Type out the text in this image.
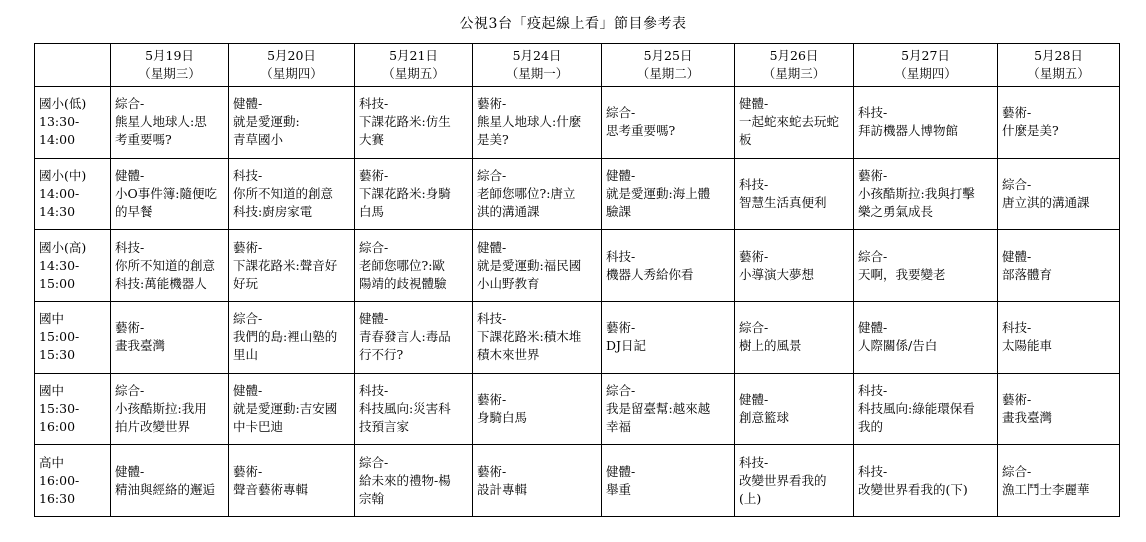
公視3台「疫起線上看」節目參考表

	5月19日
（星期三）	5月20日
（星期四）	5月21日
（星期五）	5月24日
（星期一）	5月25日
（星期二）	5月26日
（星期三）	5月27日
（星期四）	5月28日
（星期五）

國小(低)
13:30-
14:00	綜合-
熊星人地球人:思
考重要嗎?	健體-
就是愛運動:
青草國小	科技-
下課花路米:仿生
大賽	藝術-
熊星人地球人:什麼
是美?	綜合-
思考重要嗎?	健體-
一起蛇來蛇去玩蛇
板	科技-
拜訪機器人博物館	藝術-
什麼是美?

國小(中)
14:00-
14:30	健體-
小O事件簿:隨便吃
的早餐	科技-
你所不知道的創意
科技:廚房家電	藝術-
下課花路米:身騎
白馬	綜合-
老師您哪位?:唐立
淇的溝通課	健體-
就是愛運動:海上體
驗課	科技-
智慧生活真便利	藝術-
小孩酷斯拉:我與打擊
樂之勇氣成長	綜合-
唐立淇的溝通課

國小(高)
14:30-
15:00	科技-
你所不知道的創意
科技:萬能機器人	藝術-
下課花路米:聲音好
好玩	綜合-
老師您哪位?:歐
陽靖的歧視體驗	健體-
就是愛運動:福民國
小山野教育	科技-
機器人秀給你看	藝術-
小導演大夢想	綜合-
天啊，我要變老	健體-
部落體育

國中
15:00-
15:30	藝術-
畫我臺灣	綜合-
我們的島:裡山塾的
里山	健體-
青春發言人:毒品
行不行?	科技-
下課花路米:積木堆
積木來世界	藝術-
DJ日記	綜合-
樹上的風景	健體-
人際關係/告白	科技-
太陽能車

國中
15:30-
16:00	綜合-
小孩酷斯拉:我用
拍片改變世界	健體-
就是愛運動:吉安國
中卡巴迪	科技-
科技風向:災害科
技預言家	藝術-
身騎白馬	綜合-
我是留臺幫:越來越
幸福	健體-
創意籃球	科技-
科技風向:綠能環保看
我的	藝術-
畫我臺灣

高中
16:00-
16:30	健體-
精油與經絡的邂逅	藝術-
聲音藝術專輯	綜合-
給未來的禮物-楊
宗翰	藝術-
設計專輯	健體-
舉重	科技-
改變世界看我的
(上)	科技-
改變世界看我的(下)	綜合-
漁工鬥士李麗華
